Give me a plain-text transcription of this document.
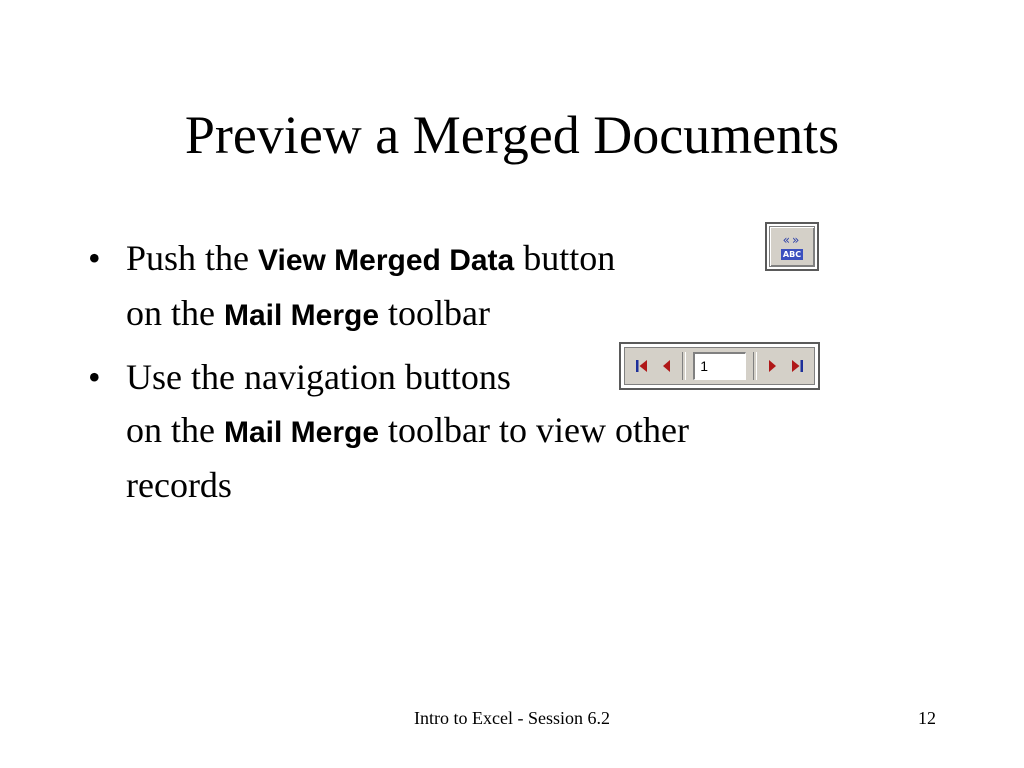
Preview a Merged Documents
• Push the View Merged Data button
on the Mail Merge toolbar
«»
ABC
• Use the navigation buttons
on the Mail Merge toolbar to view other
records
1
Intro to Excel - Session 6.2	12
